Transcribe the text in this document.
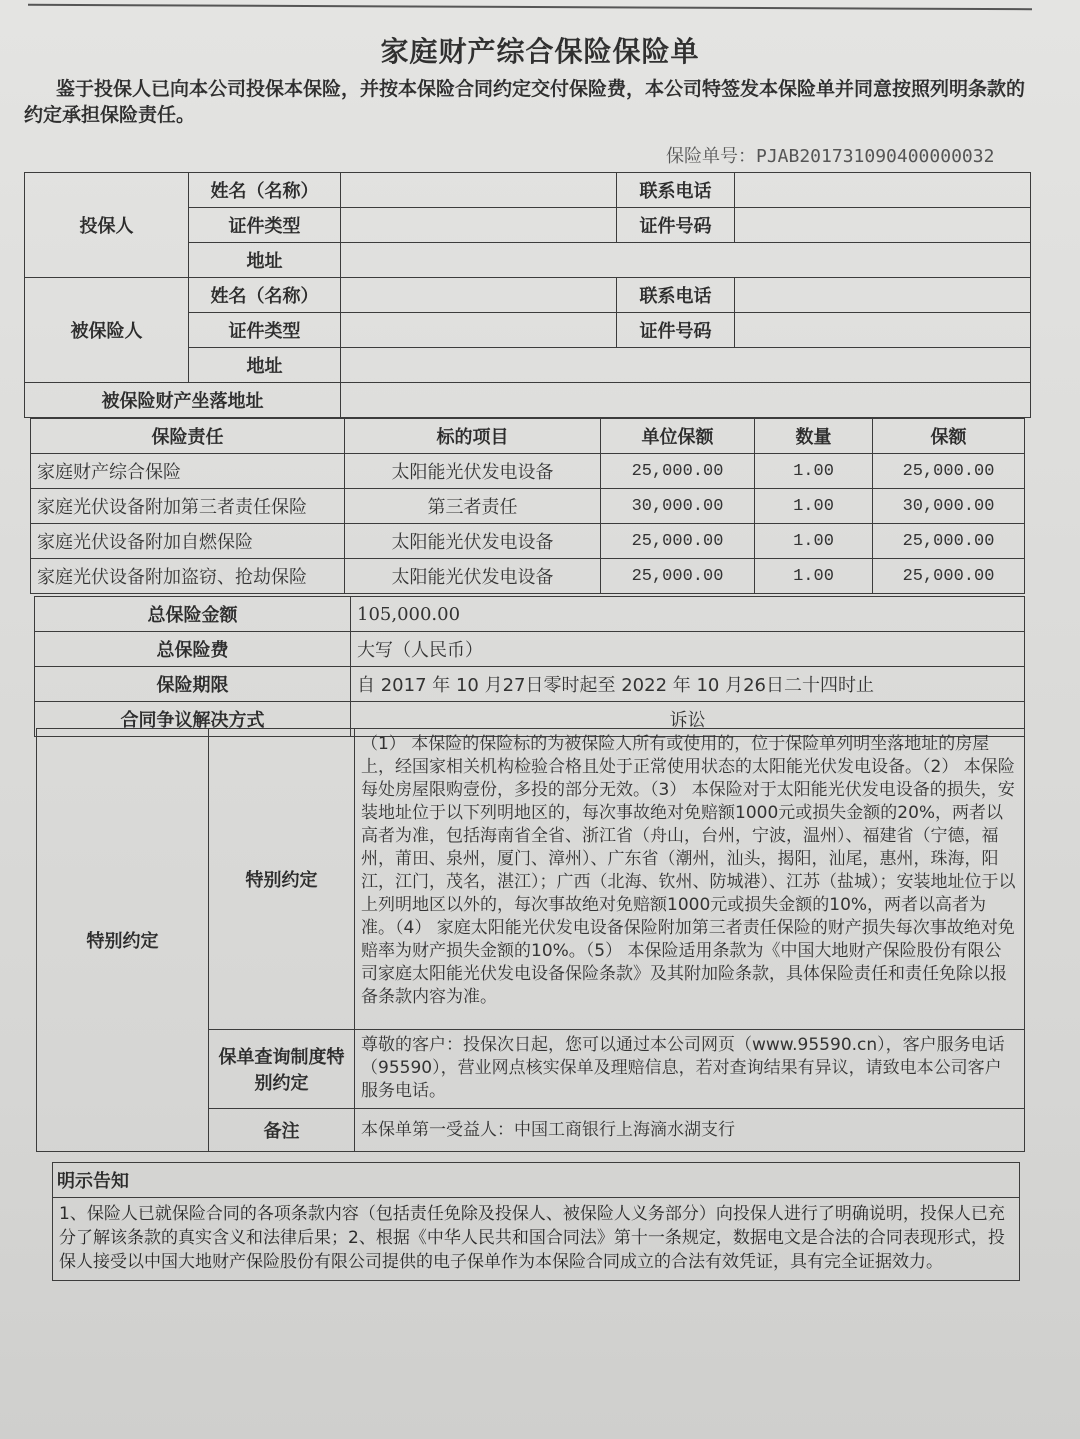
家庭财产综合保险保险单
鉴于投保人已向本公司投保本保险，并按本保险合同约定交付保险费，本公司特签发本保险单并同意按照列明条款的约定承担保险责任。
保险单号：PJAB201731090400000032
投保人	姓名（名称）		联系电话	
	证件类型		证件号码	
	地址			
被保险人	姓名（名称）		联系电话	
	证件类型		证件号码	
	地址			
被保险财产坐落地址				
保险责任	标的项目	单位保额	数量	保额
家庭财产综合保险	太阳能光伏发电设备	25,000.00	1.00	25,000.00
家庭光伏设备附加第三者责任保险	第三者责任	30,000.00	1.00	30,000.00
家庭光伏设备附加自燃保险	太阳能光伏发电设备	25,000.00	1.00	25,000.00
家庭光伏设备附加盗窃、抢劫保险	太阳能光伏发电设备	25,000.00	1.00	25,000.00
总保险金额	105,000.00
总保险费	大写（人民币）
保险期限	自 2017 年 10 月27日零时起至 2022 年 10 月26日二十四时止
合同争议解决方式	诉讼
特别约定	特别约定	（1） 本保险的保险标的为被保险人所有或使用的，位于保险单列明坐落地址的房屋上，经国家相关机构检验合格且处于正常使用状态的太阳能光伏发电设备。（2） 本保险每处房屋限购壹份，多投的部分无效。（3） 本保险对于太阳能光伏发电设备的损失，安装地址位于以下列明地区的，每次事故绝对免赔额1000元或损失金额的20%，两者以高者为准，包括海南省全省、浙江省（舟山，台州，宁波，温州）、福建省（宁德，福州，莆田、泉州，厦门、漳州）、广东省（潮州，汕头，揭阳，汕尾，惠州，珠海，阳江，江门，茂名，湛江）；广西（北海、钦州、防城港）、江苏（盐城）；安装地址位于以上列明地区以外的，每次事故绝对免赔额1000元或损失金额的10%，两者以高者为准。（4） 家庭太阳能光伏发电设备保险附加第三者责任保险的财产损失每次事故绝对免赔率为财产损失金额的10%。（5） 本保险适用条款为《中国大地财产保险股份有限公司家庭太阳能光伏发电设备保险条款》及其附加险条款，具体保险责任和责任免除以报备条款内容为准。
	保单查询制度特别约定	尊敬的客户：投保次日起，您可以通过本公司网页（www.95590.cn），客户服务电话（95590），营业网点核实保单及理赔信息，若对查询结果有异议，请致电本公司客户服务电话。
	备注	本保单第一受益人：中国工商银行上海滴水湖支行
明示告知
1、保险人已就保险合同的各项条款内容（包括责任免除及投保人、被保险人义务部分）向投保人进行了明确说明，投保人已充分了解该条款的真实含义和法律后果；2、根据《中华人民共和国合同法》第十一条规定，数据电文是合法的合同表现形式，投保人接受以中国大地财产保险股份有限公司提供的电子保单作为本保险合同成立的合法有效凭证，具有完全证据效力。
